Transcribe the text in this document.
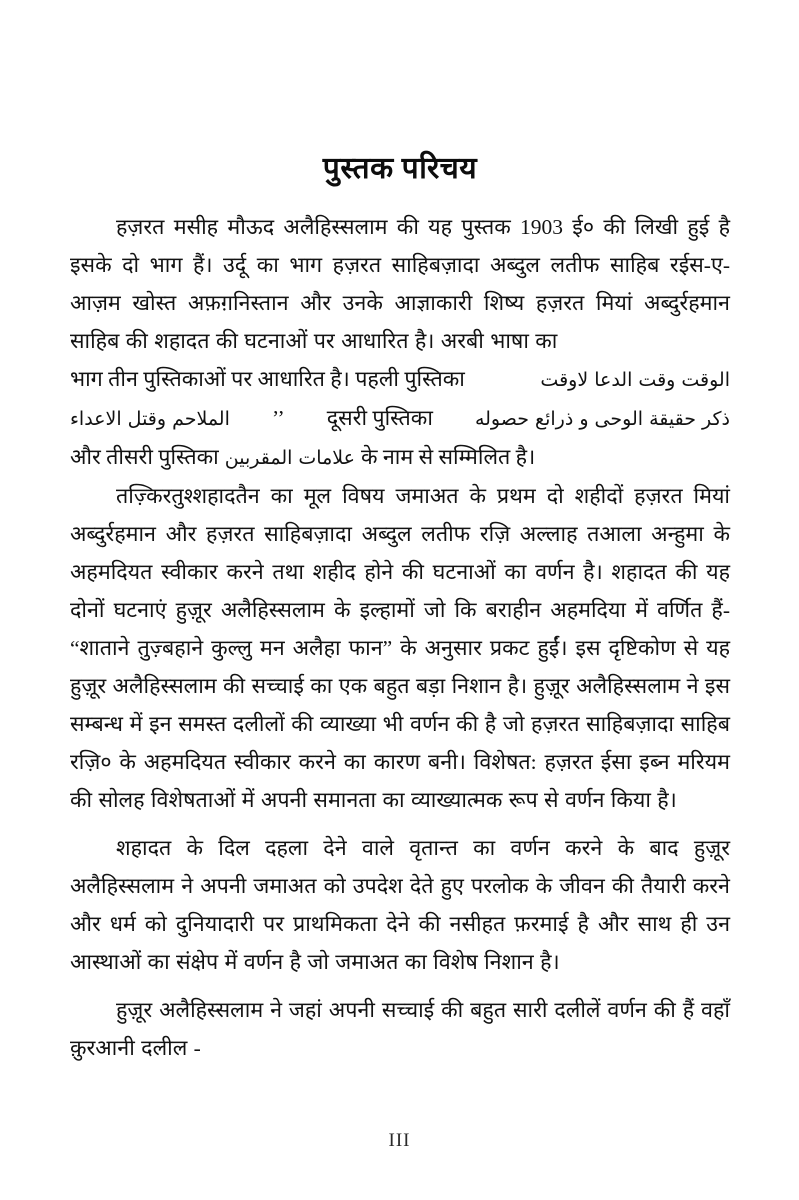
पुस्तक परिचय
हज़रत मसीह मौऊद अलैहिस्सलाम की यह पुस्तक 1903 ई० की लिखी हुई है इसके दो भाग हैं। उर्दू का भाग हज़रत साहिबज़ादा अब्दुल लतीफ साहिब रईस-ए-आज़म खोस्त अफ़ग़निस्तान और उनके आज्ञाकारी शिष्य हज़रत मियां अब्दुर्रहमान साहिब की शहादत की घटनाओं पर आधारित है। अरबी भाषा का
भाग तीन पुस्तिकाओं पर आधारित है। पहली पुस्तिका	الوقت وقت الدعا لاوقت
الملاحم وقتل الاعداء ’’ दूसरी पुस्तिका ذكر حقيقة الوحى و ذرائع حصوله
और तीसरी पुस्तिका علامات المقربين के नाम से सम्मिलित है।

तज़्किरतुश्शहादतैन का मूल विषय जमाअत के प्रथम दो शहीदों हज़रत मियां अब्दुर्रहमान और हज़रत साहिबज़ादा अब्दुल लतीफ रज़ि अल्लाह तआला अन्हुमा के अहमदियत स्वीकार करने तथा शहीद होने की घटनाओं का वर्णन है। शहादत की यह दोनों घटनाएं हुज़ूर अलैहिस्सलाम के इल्हामों जो कि बराहीन अहमदिया में वर्णित हैं- “शाताने तुज़्बहाने कुल्लु मन अलैहा फान” के अनुसार प्रकट हुईं। इस दृष्टिकोण से यह हुज़ूर अलैहिस्सलाम की सच्चाई का एक बहुत बड़ा निशान है। हुज़ूर अलैहिस्सलाम ने इस सम्बन्ध में इन समस्त दलीलों की व्याख्या भी वर्णन की है जो हज़रत साहिबज़ादा साहिब रज़ि० के अहमदियत स्वीकार करने का कारण बनी। विशेषत: हज़रत ईसा इब्न मरियम की सोलह विशेषताओं में अपनी समानता का व्याख्यात्मक रूप से वर्णन किया है।

शहादत के दिल दहला देने वाले वृतान्त का वर्णन करने के बाद हुज़ूर अलैहिस्सलाम ने अपनी जमाअत को उपदेश देते हुए परलोक के जीवन की तैयारी करने और धर्म को दुनियादारी पर प्राथमिकता देने की नसीहत फ़रमाई है और साथ ही उन आस्थाओं का संक्षेप में वर्णन है जो जमाअत का विशेष निशान है।

हुज़ूर अलैहिस्सलाम ने जहां अपनी सच्चाई की बहुत सारी दलीलें वर्णन की हैं वहाँ क़ुरआनी दलील -

III
